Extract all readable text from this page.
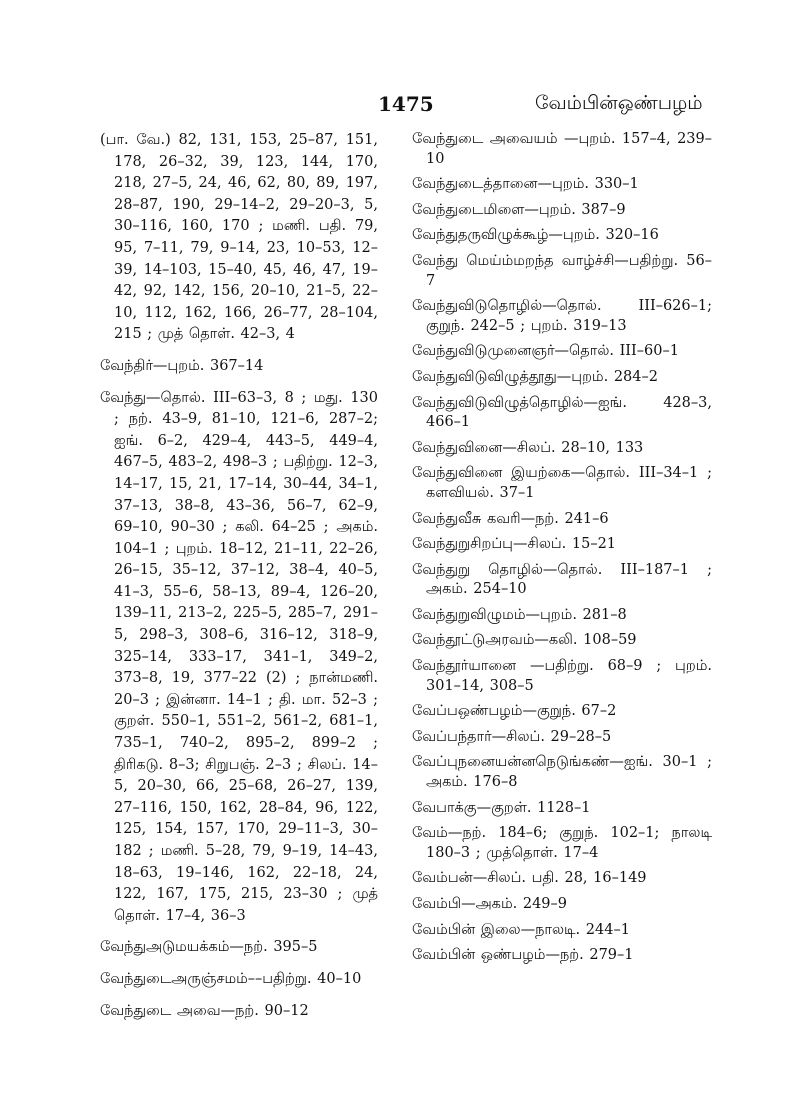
1475	வேம்பின்ஒண்பழம்

(பா. வே.) 82, 131, 153, 25–87, 151, 178, 26–32, 39, 123, 144, 170, 218, 27–5, 24, 46, 62, 80, 89, 197, 28–87, 190, 29–14–2, 29–20–3, 5, 30–116, 160, 170 ; மணி. பதி. 79, 95, 7–11, 79, 9–14, 23, 10–53, 12–39, 14–103, 15–40, 45, 46, 47, 19–42, 92, 142, 156, 20–10, 21–5, 22–10, 112, 162, 166, 26–77, 28–104, 215 ; முத் தொள். 42–3, 4

வேந்திர்—புறம். 367–14

வேந்து—தொல். III–63–3, 8 ; மது. 130 ; நற். 43–9, 81–10, 121–6, 287–2; ஐங். 6–2, 429–4, 443–5, 449–4, 467–5, 483–2, 498–3 ; பதிற்று. 12–3, 14–17, 15, 21, 17–14, 30–44, 34–1, 37–13, 38–8, 43–36, 56–7, 62–9, 69–10, 90–30 ; கலி. 64–25 ; அகம். 104–1 ; புறம். 18–12, 21–11, 22–26, 26–15, 35–12, 37–12, 38–4, 40–5, 41–3, 55–6, 58–13, 89–4, 126–20, 139–11, 213–2, 225–5, 285–7, 291–5, 298–3, 308–6, 316–12, 318–9, 325–14, 333–17, 341–1, 349–2, 373–8, 19, 377–22 (2) ; நான்மணி. 20–3 ; இன்னா. 14–1 ; தி. மா. 52–3 ; குறள். 550–1, 551–2, 561–2, 681–1, 735–1, 740–2, 895–2, 899–2 ; திரிகடு. 8–3; சிறுபஞ். 2–3 ; சிலப். 14–5, 20–30, 66, 25–68, 26–27, 139, 27–116, 150, 162, 28–84, 96, 122, 125, 154, 157, 170, 29–11–3, 30–182 ; மணி. 5–28, 79, 9–19, 14–43, 18–63, 19–146, 162, 22–18, 24, 122, 167, 175, 215, 23–30 ; முத் தொள். 17–4, 36–3

வேந்துஅடுமயக்கம்—நற். 395–5

வேந்துடைஅருஞ்சமம்––பதிற்று. 40–10

வேந்துடை அவை—நற். 90–12

வேந்துடை அவையம் —புறம். 157–4, 239–10

வேந்துடைத்தானை—புறம். 330–1

வேந்துடைமிளை—புறம். 387–9

வேந்துதருவிழுக்கூழ்—புறம். 320–16

வேந்து மெய்ம்மறந்த வாழ்ச்சி—பதிற்று. 56–7

வேந்துவிடுதொழில்—தொல். III–626–1; குறுந். 242–5 ; புறம். 319–13

வேந்துவிடுமுனைஞர்—தொல். III–60–1

வேந்துவிடுவிழுத்தூது—புறம். 284–2

வேந்துவிடுவிழுத்தொழில்—ஐங். 428–3, 466–1

வேந்துவினை—சிலப். 28–10, 133

வேந்துவினை இயற்கை—தொல். III–34–1 ; களவியல். 37–1

வேந்துவீசு கவரி—நற். 241–6

வேந்துறுசிறப்பு—சிலப். 15–21

வேந்துறு தொழில்—தொல். III–187–1 ; அகம். 254–10

வேந்துறுவிழுமம்—புறம். 281–8

வேந்தூட்டுஅரவம்—கலி. 108–59

வேந்தூர்யானை —பதிற்று. 68–9 ; புறம். 301–14, 308–5

வேப்பஒண்பழம்—குறுந். 67–2

வேப்பந்தார்—சிலப். 29–28–5

வேப்புநனையன்னநெடுங்கண்—ஐங். 30–1 ; அகம். 176–8

வேபாக்கு—குறள். 1128–1

வேம்—நற். 184–6; குறுந். 102–1; நாலடி 180–3 ; முத்தொள். 17–4

வேம்பன்—சிலப். பதி. 28, 16–149

வேம்பி—அகம். 249–9

வேம்பின் இலை—நாலடி. 244–1

வேம்பின் ஒண்பழம்—நற். 279–1
